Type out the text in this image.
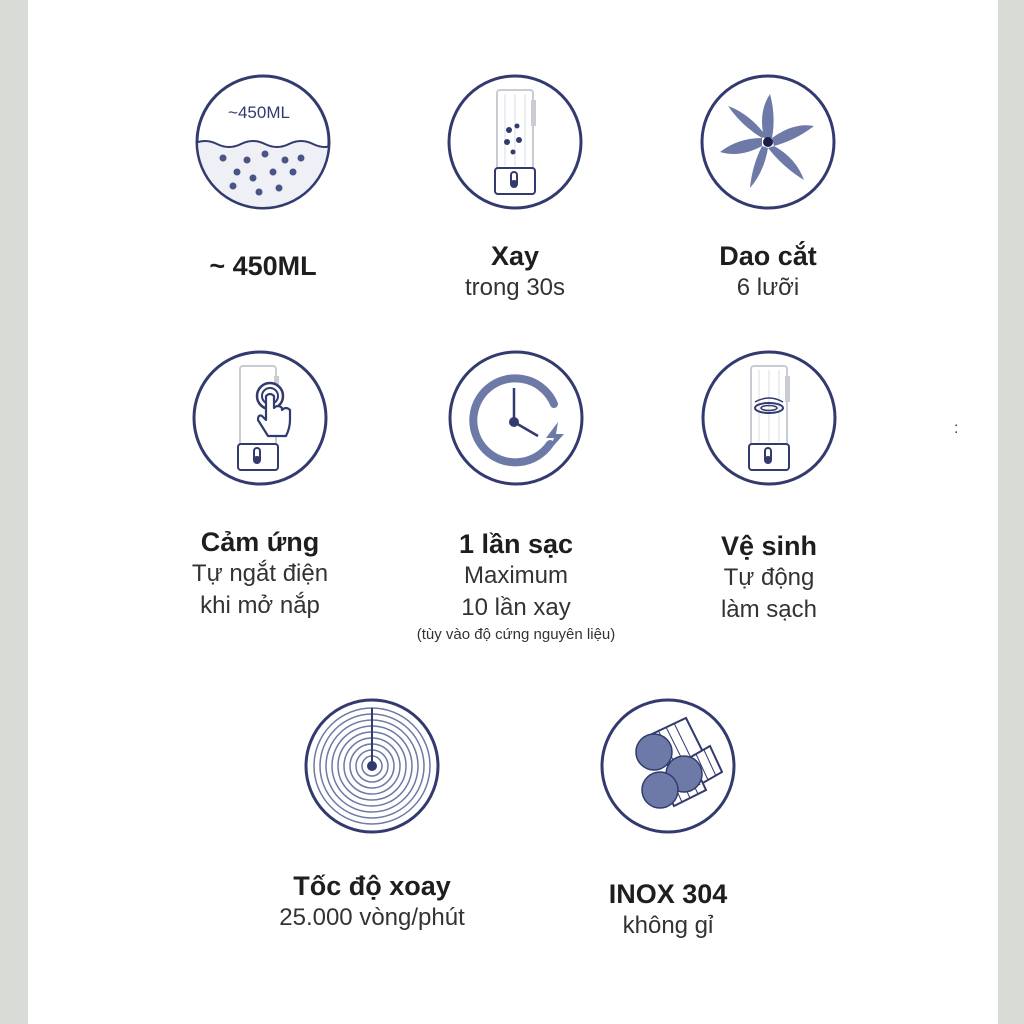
~450ML
~ 450ML	Xay
trong 30s
Dao cắt
6 lưỡi
Cảm ứng
Tự ngắt điện
khi mở nắp
1 lần sạc
Maximum
10 lần xay
(tùy vào độ cứng nguyên liệu)
Vệ sinh
Tự động
làm sạch
Tốc độ xoay
25.000 vòng/phút
INOX 304
không gỉ
:
